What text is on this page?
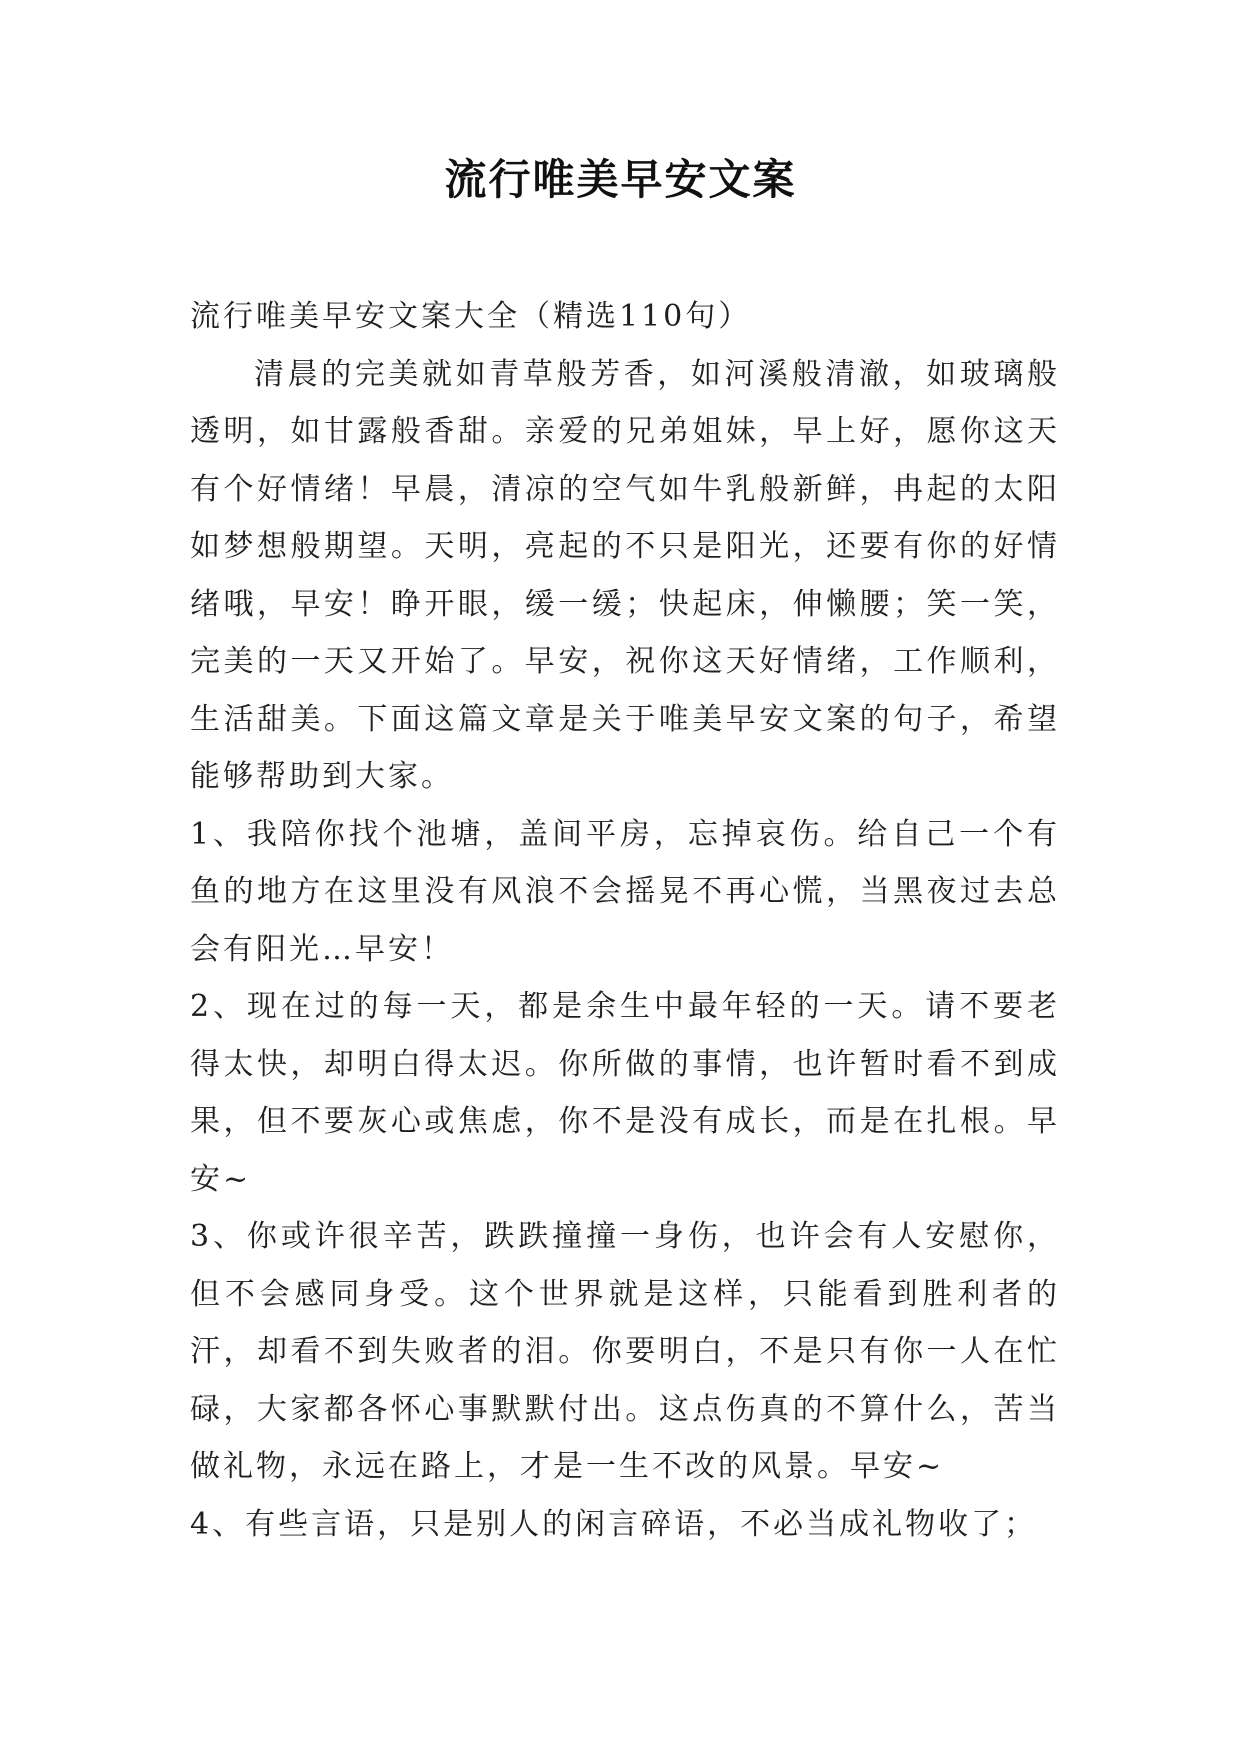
流行唯美早安文案

流行唯美早安文案大全（精选110句）

清晨的完美就如青草般芳香，如河溪般清澈，如玻璃般透明，如甘露般香甜。亲爱的兄弟姐妹，早上好，愿你这天有个好情绪！早晨，清凉的空气如牛乳般新鲜，冉起的太阳如梦想般期望。天明，亮起的不只是阳光，还要有你的好情绪哦，早安！睁开眼，缓一缓；快起床，伸懒腰；笑一笑，完美的一天又开始了。早安，祝你这天好情绪，工作顺利，生活甜美。下面这篇文章是关于唯美早安文案的句子，希望能够帮助到大家。

1、我陪你找个池塘，盖间平房，忘掉哀伤。给自己一个有鱼的地方在这里没有风浪不会摇晃不再心慌，当黑夜过去总会有阳光…早安！

2、现在过的每一天，都是余生中最年轻的一天。请不要老得太快，却明白得太迟。你所做的事情，也许暂时看不到成果，但不要灰心或焦虑，你不是没有成长，而是在扎根。早安~

3、你或许很辛苦，跌跌撞撞一身伤，也许会有人安慰你，但不会感同身受。这个世界就是这样，只能看到胜利者的汗，却看不到失败者的泪。你要明白，不是只有你一人在忙碌，大家都各怀心事默默付出。这点伤真的不算什么，苦当做礼物，永远在路上，才是一生不改的风景。早安~

4、有些言语，只是别人的闲言碎语，不必当成礼物收了；
